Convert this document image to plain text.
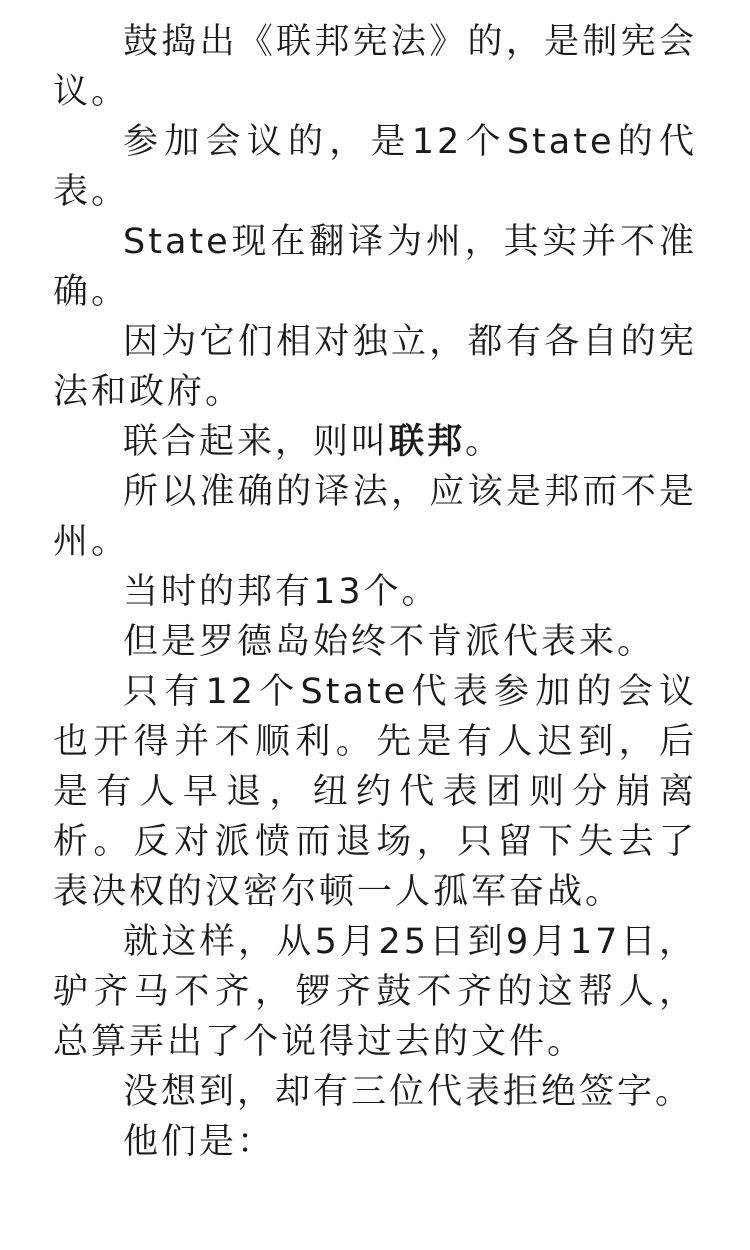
鼓捣出《联邦宪法》的，是制宪会议。

参加会议的，是12个State的代表。

State现在翻译为州，其实并不准确。

因为它们相对独立，都有各自的宪法和政府。

联合起来，则叫联邦。

所以准确的译法，应该是邦而不是州。

当时的邦有13个。

但是罗德岛始终不肯派代表来。

只有12个State代表参加的会议也开得并不顺利。先是有人迟到，后是有人早退，纽约代表团则分崩离析。反对派愤而退场，只留下失去了表决权的汉密尔顿一人孤军奋战。

就这样，从5月25日到9月17日，驴齐马不齐，锣齐鼓不齐的这帮人，总算弄出了个说得过去的文件。

没想到，却有三位代表拒绝签字。

他们是：
